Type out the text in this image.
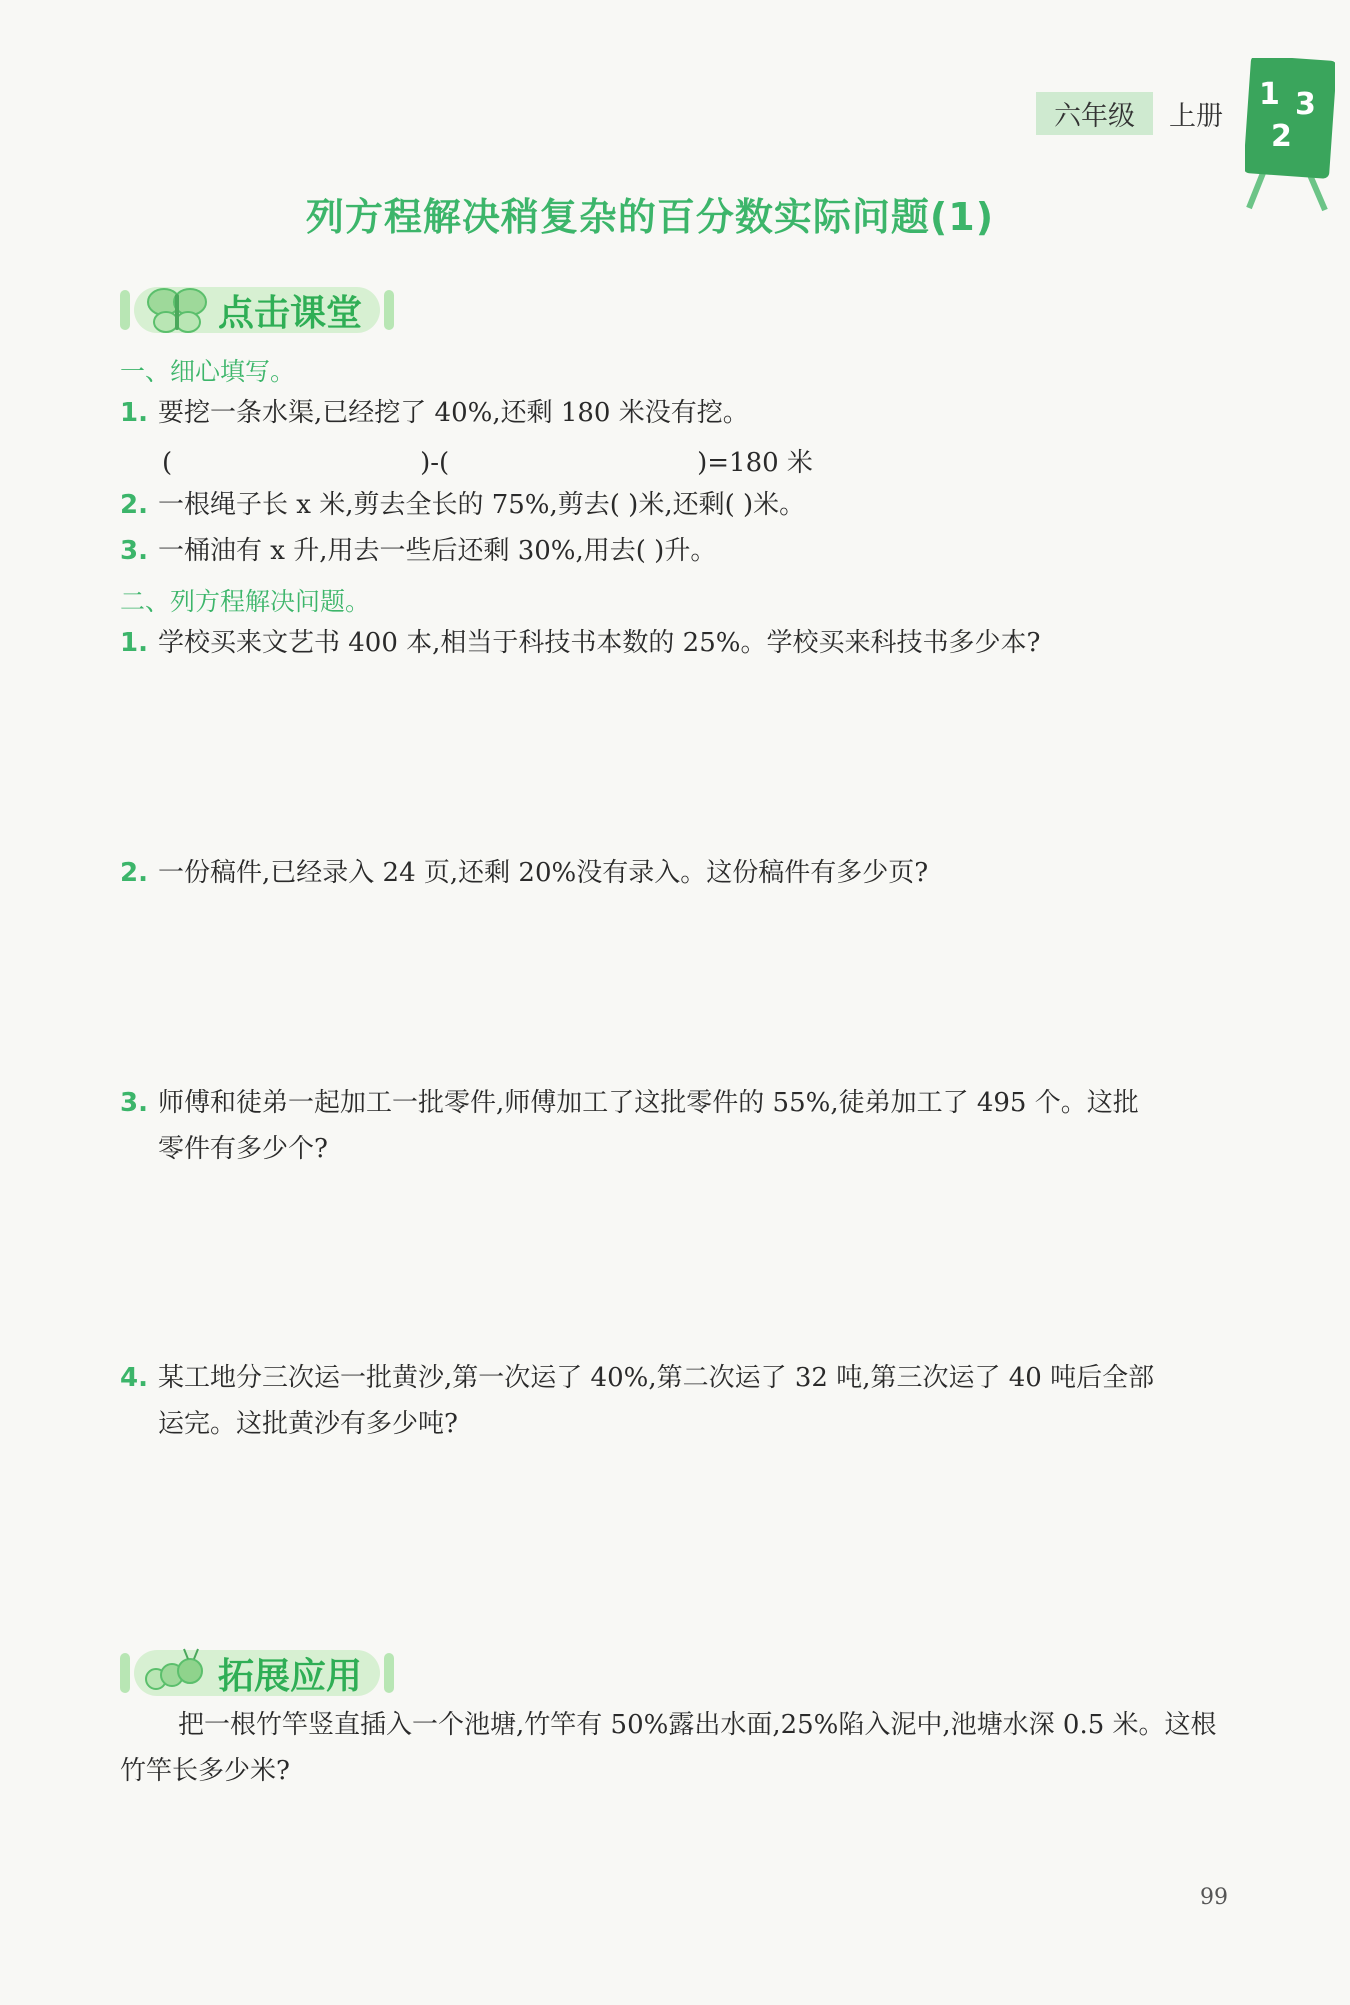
六年级	上册
1 3
2
列方程解决稍复杂的百分数实际问题(1)
点击课堂
一、细心填写。
1. 要挖一条水渠,已经挖了 40%,还剩 180 米没有挖。
(                              )-(                              )=180 米
2. 一根绳子长 x 米,剪去全长的 75%,剪去( )米,还剩( )米。
3. 一桶油有 x 升,用去一些后还剩 30%,用去( )升。
二、列方程解决问题。
1. 学校买来文艺书 400 本,相当于科技书本数的 25%。学校买来科技书多少本?
2. 一份稿件,已经录入 24 页,还剩 20%没有录入。这份稿件有多少页?
3. 师傅和徒弟一起加工一批零件,师傅加工了这批零件的 55%,徒弟加工了 495 个。这批
零件有多少个?
4. 某工地分三次运一批黄沙,第一次运了 40%,第二次运了 32 吨,第三次运了 40 吨后全部
运完。这批黄沙有多少吨?
拓展应用
把一根竹竿竖直插入一个池塘,竹竿有 50%露出水面,25%陷入泥中,池塘水深 0.5 米。这根竹竿长多少米?
99
